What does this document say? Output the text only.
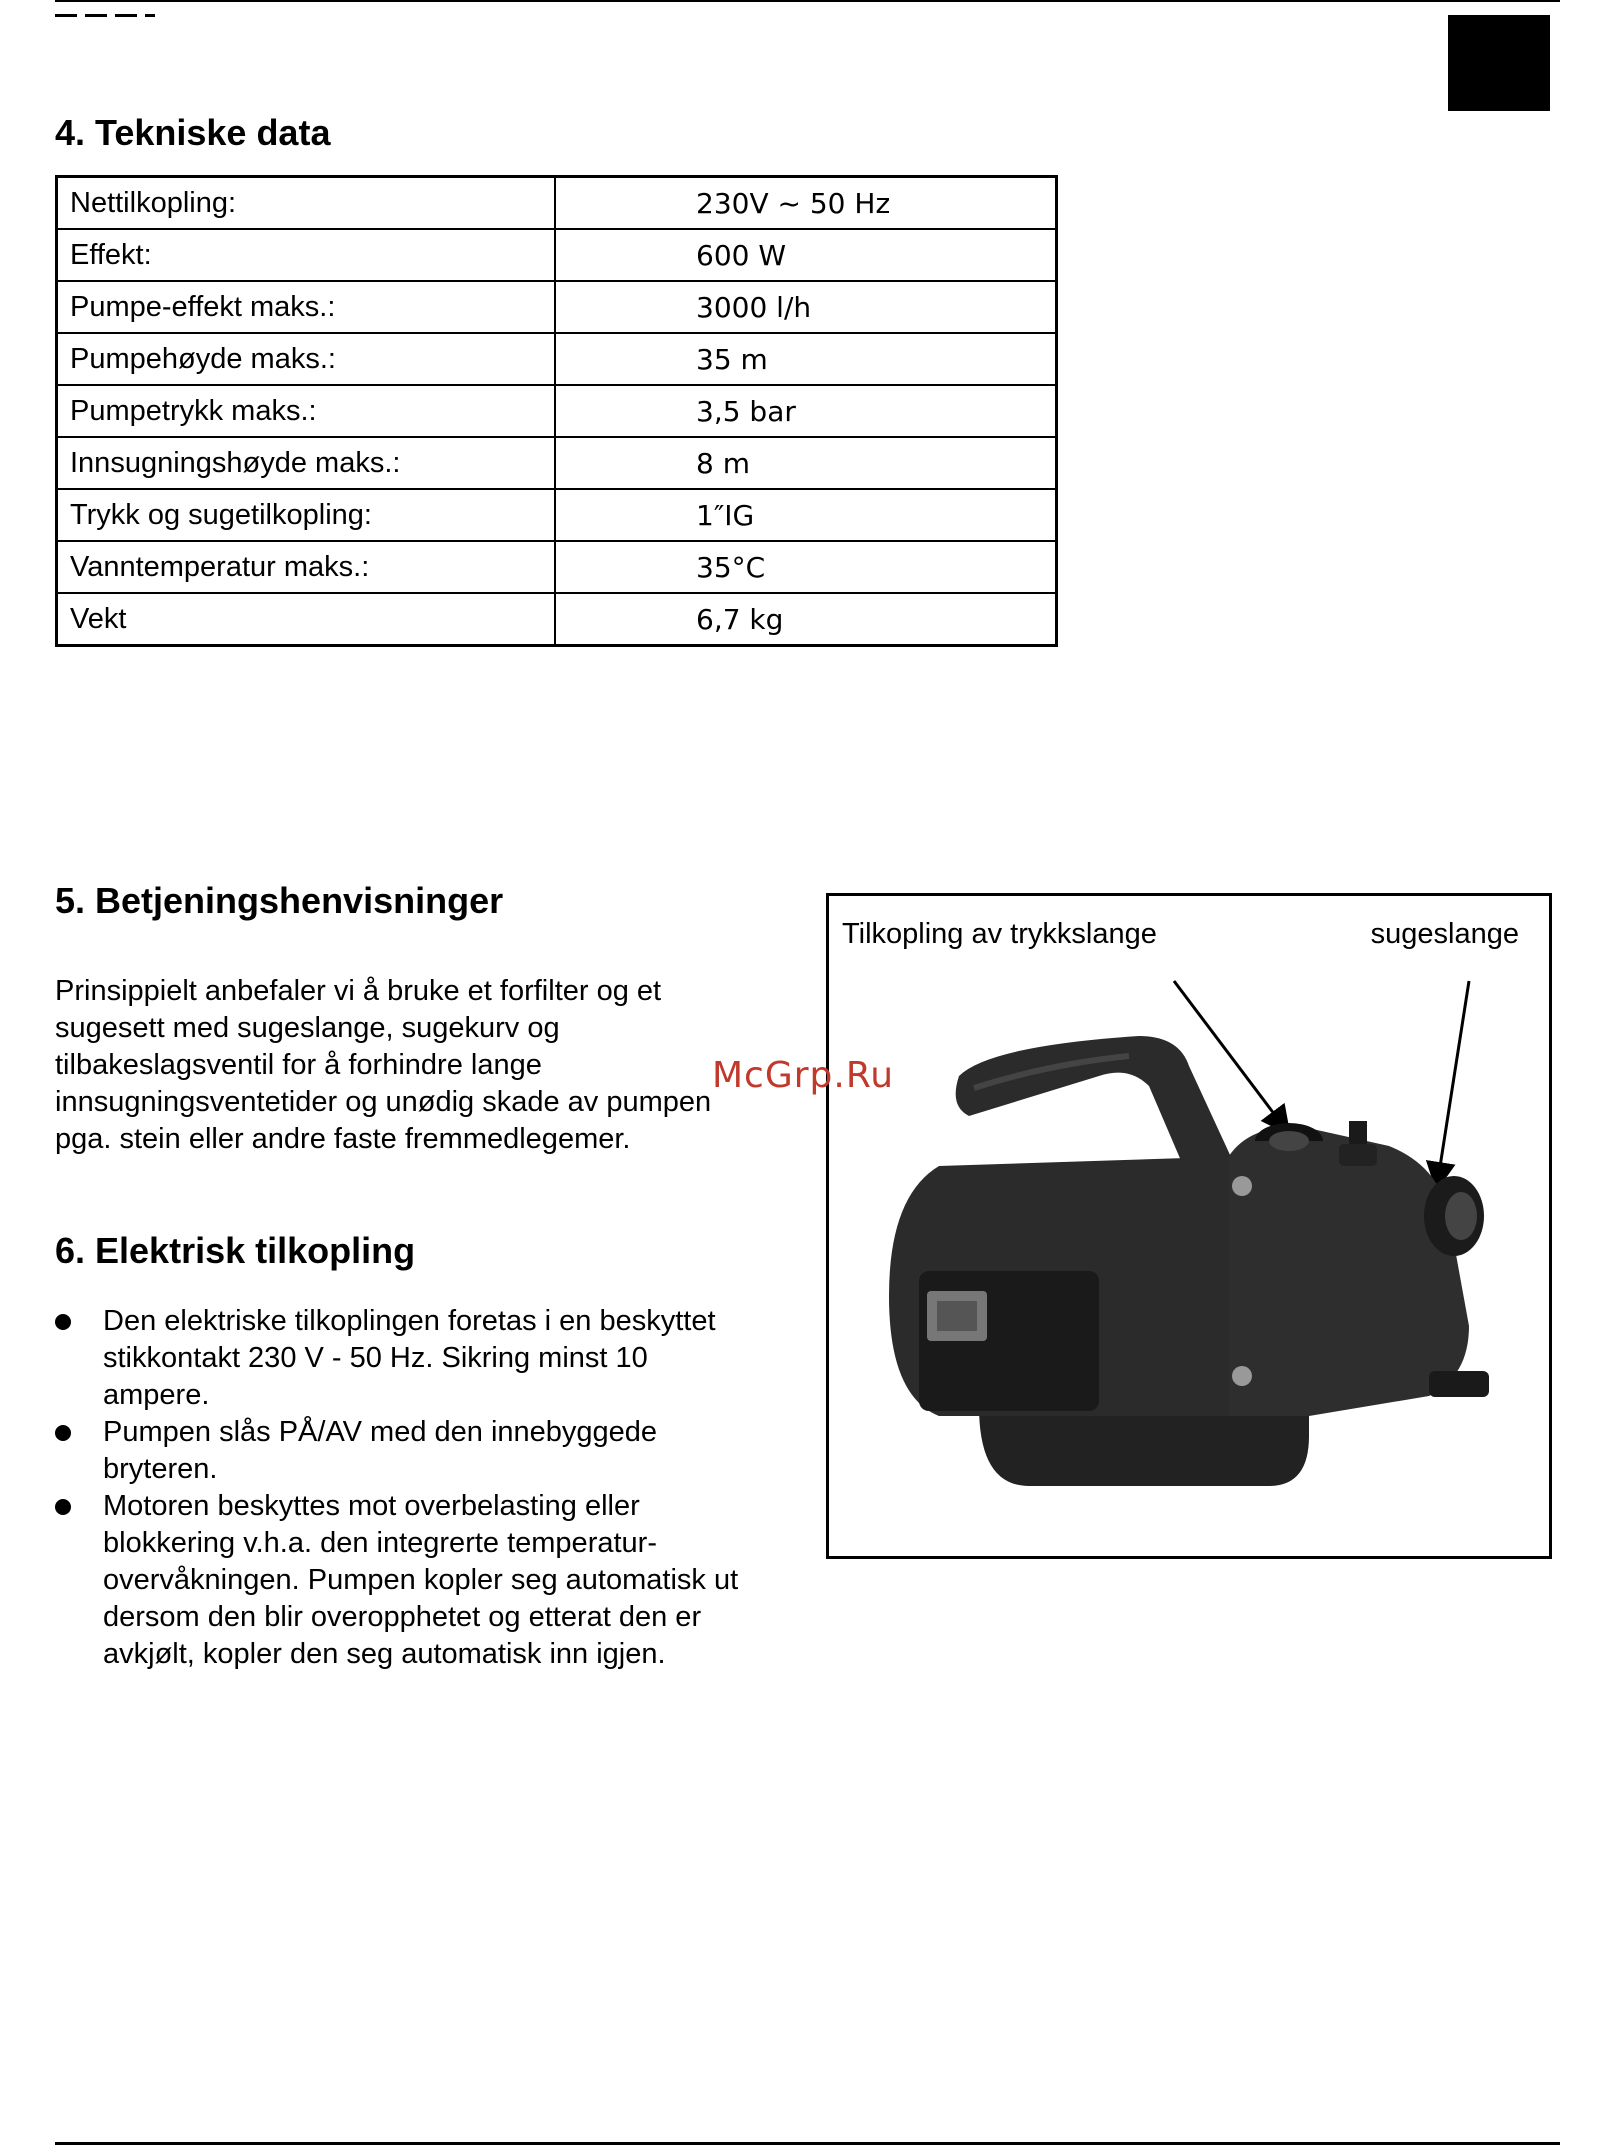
4. Tekniske data
Nettilkopling:	230V ~ 50 Hz
Effekt:	600 W
Pumpe-effekt maks.:	3000 l/h
Pumpehøyde maks.:	35 m
Pumpetrykk maks.:	3,5 bar
Innsugningshøyde maks.:	8 m
Trykk og sugetilkopling:	1″IG
Vanntemperatur maks.:	35°C
Vekt	6,7 kg
5. Betjeningshenvisninger

Prinsippielt anbefaler vi å bruke et forfilter og et
sugesett med sugeslange, sugekurv og
tilbakeslagsventil for å forhindre lange
innsugningsventetider og unødig skade av pumpen
pga. stein eller andre faste fremmedlegemer.

6. Elektrisk tilkopling
Den elektriske tilkoplingen foretas i en beskyttet
stikkontakt 230 V - 50 Hz. Sikring minst 10
ampere.
Pumpen slås PÅ/AV med den innebyggede
bryteren.
Motoren beskyttes mot overbelasting eller
blokkering v.h.a. den integrerte temperatur-
overvåkningen. Pumpen kopler seg automatisk ut
dersom den blir overopphetet og etterat den er
avkjølt, kopler den seg automatisk inn igjen.
Tilkopling av trykkslange	sugeslange
McGrp.Ru
